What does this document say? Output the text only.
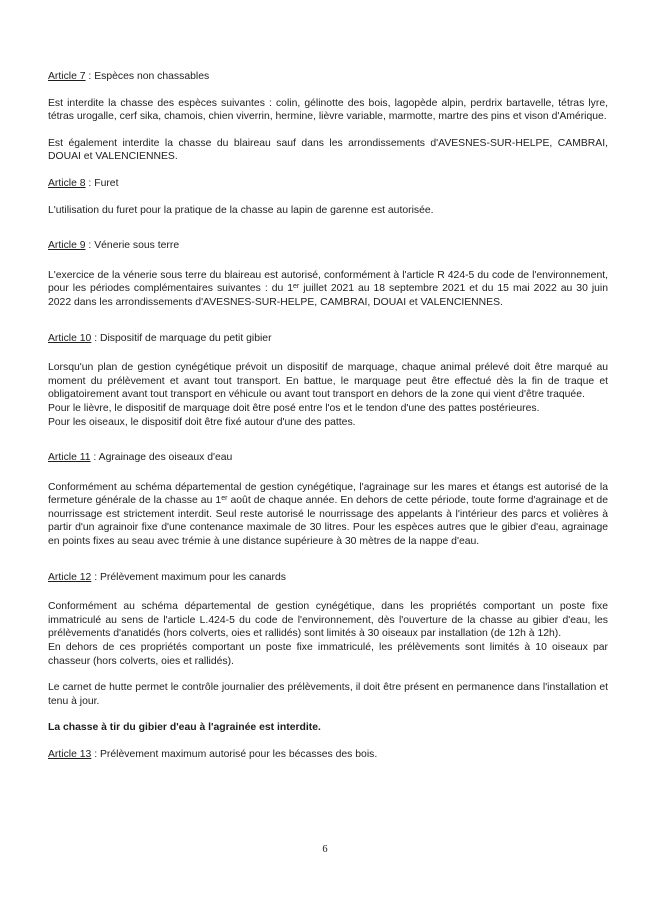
Article 7 : Espèces non chassables

Est interdite la chasse des espèces suivantes : colin, gélinotte des bois, lagopède alpin, perdrix bartavelle, tétras lyre, tétras urogalle, cerf sika, chamois, chien viverrin, hermine, lièvre variable, marmotte, martre des pins et vison d'Amérique.

Est également interdite la chasse du blaireau sauf dans les arrondissements d'AVESNES-SUR-HELPE, CAMBRAI, DOUAI et VALENCIENNES.

Article 8 : Furet

L'utilisation du furet pour la pratique de la chasse au lapin de garenne est autorisée.

Article 9 : Vénerie sous terre

L'exercice de la vénerie sous terre du blaireau est autorisé, conformément à l'article R 424-5 du code de l'environnement, pour les périodes complémentaires suivantes : du 1er juillet 2021 au 18 septembre 2021 et du 15 mai 2022 au 30 juin 2022 dans les arrondissements d'AVESNES-SUR-HELPE, CAMBRAI, DOUAI et VALENCIENNES.

Article 10 : Dispositif de marquage du petit gibier

Lorsqu'un plan de gestion cynégétique prévoit un dispositif de marquage, chaque animal prélevé doit être marqué au moment du prélèvement et avant tout transport. En battue, le marquage peut être effectué dès la fin de traque et obligatoirement avant tout transport en véhicule ou avant tout transport en dehors de la zone qui vient d'être traquée.

Pour le lièvre, le dispositif de marquage doit être posé entre l'os et le tendon d'une des pattes postérieures.

Pour les oiseaux, le dispositif doit être fixé autour d'une des pattes.

Article 11 : Agrainage des oiseaux d'eau

Conformément au schéma départemental de gestion cynégétique, l'agrainage sur les mares et étangs est autorisé de la fermeture générale de la chasse au 1er août de chaque année. En dehors de cette période, toute forme d'agrainage et de nourrissage est strictement interdit. Seul reste autorisé le nourrissage des appelants à l'intérieur des parcs et volières à partir d'un agrainoir fixe d'une contenance maximale de 30 litres. Pour les espèces autres que le gibier d'eau, agrainage en points fixes au seau avec trémie à une distance supérieure à 30 mètres de la nappe d'eau.

Article 12 : Prélèvement maximum pour les canards

Conformément au schéma départemental de gestion cynégétique, dans les propriétés comportant un poste fixe immatriculé au sens de l'article L.424-5 du code de l'environnement, dès l'ouverture de la chasse au gibier d'eau, les prélèvements d'anatidés (hors colverts, oies et rallidés) sont limités à 30 oiseaux par installation (de 12h à 12h).

En dehors de ces propriétés comportant un poste fixe immatriculé, les prélèvements sont limités à 10 oiseaux par chasseur (hors colverts, oies et rallidés).

Le carnet de hutte permet le contrôle journalier des prélèvements, il doit être présent en permanence dans l'installation et tenu à jour.

La chasse à tir du gibier d'eau à l'agrainée est interdite.

Article 13 : Prélèvement maximum autorisé pour les bécasses des bois.

6
